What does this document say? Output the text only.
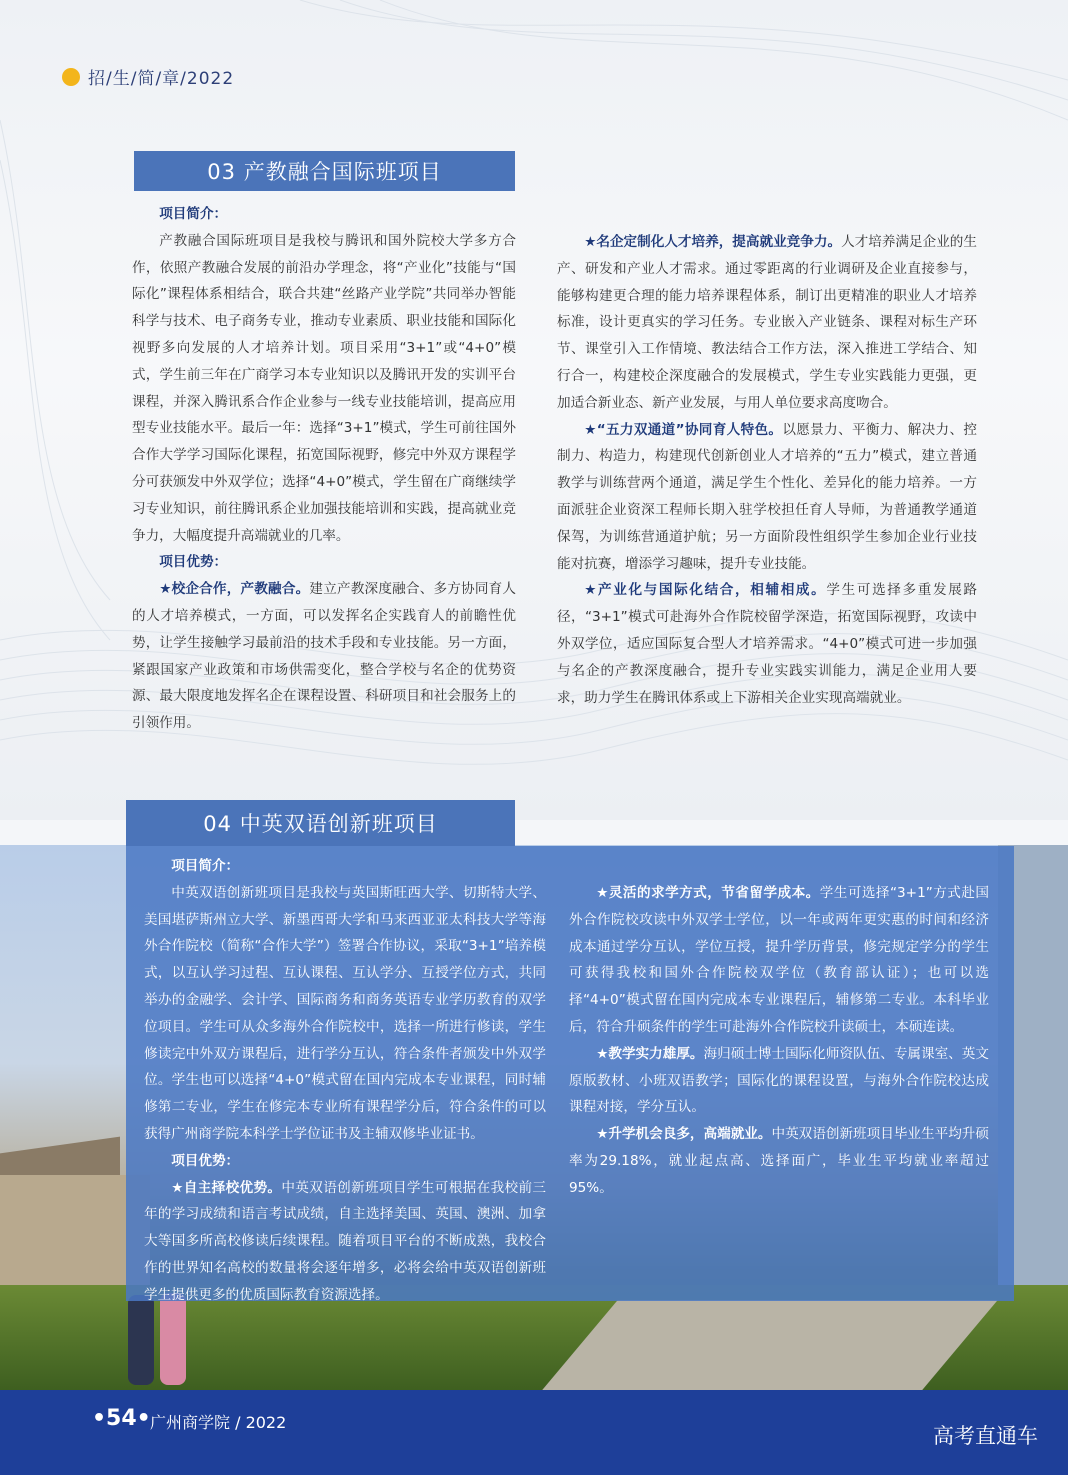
招/生/简/章/2022
03 产教融合国际班项目

项目简介：

产教融合国际班项目是我校与腾讯和国外院校大学多方合作，依照产教融合发展的前沿办学理念，将“产业化”技能与“国际化”课程体系相结合，联合共建“丝路产业学院”共同举办智能科学与技术、电子商务专业，推动专业素质、职业技能和国际化视野多向发展的人才培养计划。项目采用“3+1”或“4+0”模式，学生前三年在广商学习本专业知识以及腾讯开发的实训平台课程，并深入腾讯系合作企业参与一线专业技能培训，提高应用型专业技能水平。最后一年：选择“3+1”模式，学生可前往国外合作大学学习国际化课程，拓宽国际视野，修完中外双方课程学分可获颁发中外双学位；选择“4+0”模式，学生留在广商继续学习专业知识，前往腾讯系企业加强技能培训和实践，提高就业竞争力，大幅度提升高端就业的几率。

项目优势：

★校企合作，产教融合。建立产教深度融合、多方协同育人的人才培养模式，一方面，可以发挥名企实践育人的前瞻性优势，让学生接触学习最前沿的技术手段和专业技能。另一方面，紧跟国家产业政策和市场供需变化，整合学校与名企的优势资源、最大限度地发挥名企在课程设置、科研项目和社会服务上的引领作用。

★名企定制化人才培养，提高就业竞争力。人才培养满足企业的生产、研发和产业人才需求。通过零距离的行业调研及企业直接参与，能够构建更合理的能力培养课程体系，制订出更精准的职业人才培养标准，设计更真实的学习任务。专业嵌入产业链条、课程对标生产环节、课堂引入工作情境、教法结合工作方法，深入推进工学结合、知行合一，构建校企深度融合的发展模式，学生专业实践能力更强，更加适合新业态、新产业发展，与用人单位要求高度吻合。

★“五力双通道”协同育人特色。以愿景力、平衡力、解决力、控制力、构造力，构建现代创新创业人才培养的“五力”模式，建立普通教学与训练营两个通道，满足学生个性化、差异化的能力培养。一方面派驻企业资深工程师长期入驻学校担任育人导师，为普通教学通道保驾，为训练营通道护航；另一方面阶段性组织学生参加企业行业技能对抗赛，增添学习趣味，提升专业技能。

★产业化与国际化结合，相辅相成。学生可选择多重发展路径，“3+1”模式可赴海外合作院校留学深造，拓宽国际视野，攻读中外双学位，适应国际复合型人才培养需求。“4+0”模式可进一步加强与名企的产教深度融合，提升专业实践实训能力，满足企业用人要求，助力学生在腾讯体系或上下游相关企业实现高端就业。

04 中英双语创新班项目

项目简介：

中英双语创新班项目是我校与英国斯旺西大学、切斯特大学、美国堪萨斯州立大学、新墨西哥大学和马来西亚亚太科技大学等海外合作院校（简称“合作大学”）签署合作协议，采取“3+1”培养模式，以互认学习过程、互认课程、互认学分、互授学位方式，共同举办的金融学、会计学、国际商务和商务英语专业学历教育的双学位项目。学生可从众多海外合作院校中，选择一所进行修读，学生修读完中外双方课程后，进行学分互认，符合条件者颁发中外双学位。学生也可以选择“4+0”模式留在国内完成本专业课程，同时辅修第二专业，学生在修完本专业所有课程学分后，符合条件的可以获得广州商学院本科学士学位证书及主辅双修毕业证书。

项目优势：

★自主择校优势。中英双语创新班项目学生可根据在我校前三年的学习成绩和语言考试成绩，自主选择美国、英国、澳洲、加拿大等国多所高校修读后续课程。随着项目平台的不断成熟，我校合作的世界知名高校的数量将会逐年增多，必将会给中英双语创新班学生提供更多的优质国际教育资源选择。

★灵活的求学方式，节省留学成本。学生可选择“3+1”方式赴国外合作院校攻读中外双学士学位，以一年或两年更实惠的时间和经济成本通过学分互认，学位互授，提升学历背景，修完规定学分的学生可获得我校和国外合作院校双学位（教育部认证）；也可以选择“4+0”模式留在国内完成本专业课程后，辅修第二专业。本科毕业后，符合升硕条件的学生可赴海外合作院校升读硕士，本硕连读。

★教学实力雄厚。海归硕士博士国际化师资队伍、专属课室、英文原版教材、小班双语教学；国际化的课程设置，与海外合作院校达成课程对接，学分互认。

★升学机会良多，高端就业。中英双语创新班项目毕业生平均升硕率为29.18%，就业起点高、选择面广，毕业生平均就业率超过95%。

•54• 广州商学院 / 2022
高考直通车
